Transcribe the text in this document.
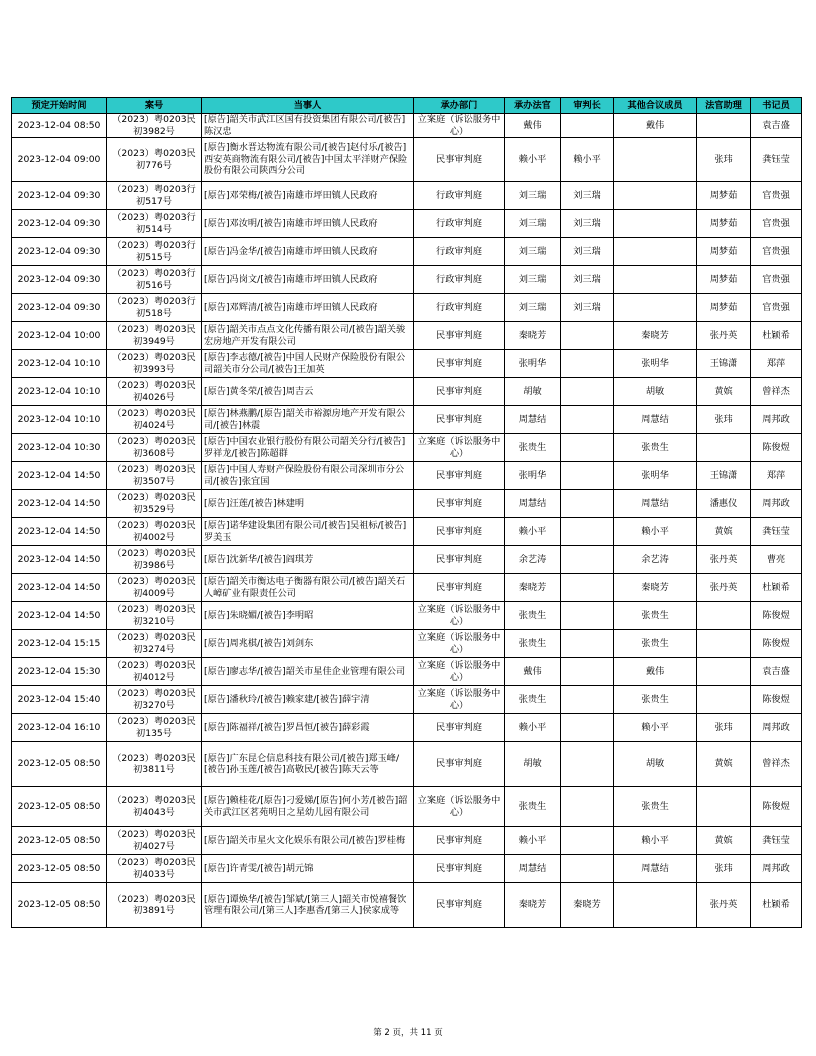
预定开始时间	案号	当事人	承办部门	承办法官	审判长	其他合议成员	法官助理	书记员
2023-12-04 08:50	（2023）粤0203民初3982号	[原告]韶关市武江区国有投资集团有限公司/[被告]陈汉忠	立案庭（诉讼服务中心）	戴伟		戴伟		袁吉盛
2023-12-04 09:00	（2023）粤0203民初776号	[原告]衡水晋达物流有限公司/[被告]赵付乐/[被告]西安英商物流有限公司/[被告]中国太平洋财产保险股份有限公司陕西分公司	民事审判庭	赖小平	赖小平		张玮	龚钰莹
2023-12-04 09:30	（2023）粤0203行初517号	[原告]邓荣梅/[被告]南雄市坪田镇人民政府	行政审判庭	刘三瑞	刘三瑞		周梦茹	官贵强
2023-12-04 09:30	（2023）粤0203行初514号	[原告]邓汝明/[被告]南雄市坪田镇人民政府	行政审判庭	刘三瑞	刘三瑞		周梦茹	官贵强
2023-12-04 09:30	（2023）粤0203行初515号	[原告]冯金华/[被告]南雄市坪田镇人民政府	行政审判庭	刘三瑞	刘三瑞		周梦茹	官贵强
2023-12-04 09:30	（2023）粤0203行初516号	[原告]冯岗文/[被告]南雄市坪田镇人民政府	行政审判庭	刘三瑞	刘三瑞		周梦茹	官贵强
2023-12-04 09:30	（2023）粤0203行初518号	[原告]邓辉清/[被告]南雄市坪田镇人民政府	行政审判庭	刘三瑞	刘三瑞		周梦茹	官贵强
2023-12-04 10:00	（2023）粤0203民初3949号	[原告]韶关市点点文化传播有限公司/[被告]韶关骏宏房地产开发有限公司	民事审判庭	秦晓芳		秦晓芳	张丹英	杜颖希
2023-12-04 10:10	（2023）粤0203民初3993号	[原告]李志德/[被告]中国人民财产保险股份有限公司韶关市分公司/[被告]王加英	民事审判庭	张明华		张明华	王锦潇	郑萍
2023-12-04 10:10	（2023）粤0203民初4026号	[原告]黄冬荣/[被告]周吉云	民事审判庭	胡敏		胡敏	黄嫔	曾祥杰
2023-12-04 10:10	（2023）粤0203民初4024号	[原告]林燕鹏/[原告]韶关市裕源房地产开发有限公司/[被告]林震	民事审判庭	周慧结		周慧结	张玮	周邦政
2023-12-04 10:30	（2023）粤0203民初3608号	[原告]中国农业银行股份有限公司韶关分行/[被告]罗祥龙/[被告]陈超群	立案庭（诉讼服务中心）	张贵生		张贵生		陈俊煜
2023-12-04 14:50	（2023）粤0203民初3507号	[原告]中国人寿财产保险股份有限公司深圳市分公司/[被告]张宜国	民事审判庭	张明华		张明华	王锦潇	郑萍
2023-12-04 14:50	（2023）粤0203民初3529号	[原告]汪莲/[被告]林建明	民事审判庭	周慧结		周慧结	潘惠仪	周邦政
2023-12-04 14:50	（2023）粤0203民初4002号	[原告]诺华建设集团有限公司/[被告]吴祖标/[被告]罗美玉	民事审判庭	赖小平		赖小平	黄嫔	龚钰莹
2023-12-04 14:50	（2023）粤0203民初3986号	[原告]沈新华/[被告]阎琪芳	民事审判庭	余艺涛		余艺涛	张丹英	曹亮
2023-12-04 14:50	（2023）粤0203民初4009号	[原告]韶关市衡达电子衡器有限公司/[被告]韶关石人嶂矿业有限责任公司	民事审判庭	秦晓芳		秦晓芳	张丹英	杜颖希
2023-12-04 14:50	（2023）粤0203民初3210号	[原告]朱晓媚/[被告]李明昭	立案庭（诉讼服务中心）	张贵生		张贵生		陈俊煜
2023-12-04 15:15	（2023）粤0203民初3274号	[原告]周兆棋/[被告]刘剑东	立案庭（诉讼服务中心）	张贵生		张贵生		陈俊煜
2023-12-04 15:30	（2023）粤0203民初4012号	[原告]廖志华/[被告]韶关市星佳企业管理有限公司	立案庭（诉讼服务中心）	戴伟		戴伟		袁吉盛
2023-12-04 15:40	（2023）粤0203民初3270号	[原告]潘秋玲/[被告]赖家建/[被告]薛宇清	立案庭（诉讼服务中心）	张贵生		张贵生		陈俊煜
2023-12-04 16:10	（2023）粤0203民初135号	[原告]陈福祥/[被告]罗昌恒/[被告]薛彩霞	民事审判庭	赖小平		赖小平	张玮	周邦政
2023-12-05 08:50	（2023）粤0203民初3811号	[原告]广东昆仑信息科技有限公司/[被告]郑玉峰/[被告]孙玉莲/[被告]高敬民/[被告]陈天云等	民事审判庭	胡敏		胡敏	黄嫔	曾祥杰
2023-12-05 08:50	（2023）粤0203民初4043号	[原告]赖桂花/[原告]刁爱娣/[原告]何小芳/[被告]韶关市武江区茗苑明日之星幼儿园有限公司	立案庭（诉讼服务中心）	张贵生		张贵生		陈俊煜
2023-12-05 08:50	（2023）粤0203民初4027号	[原告]韶关市星火文化娱乐有限公司/[被告]罗桂梅	民事审判庭	赖小平		赖小平	黄嫔	龚钰莹
2023-12-05 08:50	（2023）粤0203民初4033号	[原告]许青雯/[被告]胡元锦	民事审判庭	周慧结		周慧结	张玮	周邦政
2023-12-05 08:50	（2023）粤0203民初3891号	[原告]谭焕华/[被告]邹斌/[第三人]韶关市悦禧餐饮管理有限公司/[第三人]李惠香/[第三人]侯家成等	民事审判庭	秦晓芳	秦晓芳		张丹英	杜颖希
第 2 页，共 11 页
